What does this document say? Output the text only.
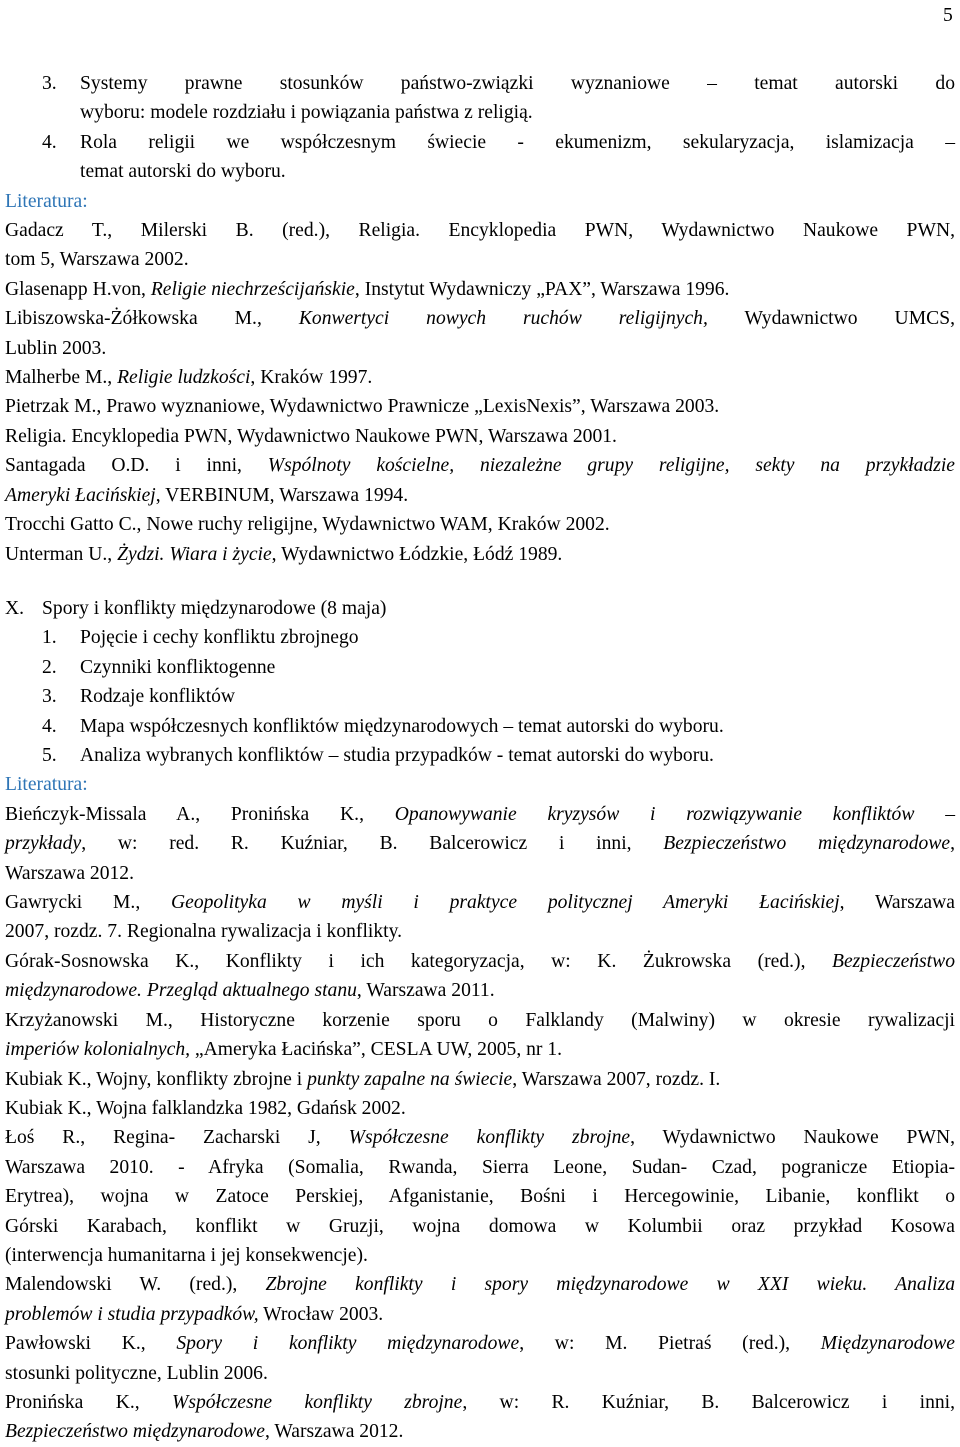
5
3.	Systemy prawne stosunków państwo-związki wyznaniowe – temat autorski do
wyboru: modele rozdziału i powiązania państwa z religią.
4.	Rola religii we współczesnym świecie - ekumenizm, sekularyzacja, islamizacja –
temat autorski do wyboru.
Literatura:
Gadacz T., Milerski B. (red.), Religia. Encyklopedia PWN, Wydawnictwo Naukowe PWN,
tom 5, Warszawa 2002.
Glasenapp H.von, Religie niechrześcijańskie, Instytut Wydawniczy „PAX”, Warszawa 1996.
Libiszowska-Żółkowska M., Konwertyci nowych ruchów religijnych, Wydawnictwo UMCS,
Lublin 2003.
Malherbe M., Religie ludzkości, Kraków 1997.
Pietrzak M., Prawo wyznaniowe, Wydawnictwo Prawnicze „LexisNexis”, Warszawa 2003.
Religia. Encyklopedia PWN, Wydawnictwo Naukowe PWN, Warszawa 2001.
Santagada O.D. i inni, Wspólnoty kościelne, niezależne grupy religijne, sekty na przykładzie
Ameryki Łacińskiej, VERBINUM, Warszawa 1994.
Trocchi Gatto C., Nowe ruchy religijne, Wydawnictwo WAM, Kraków 2002.
Unterman U., Żydzi. Wiara i życie, Wydawnictwo Łódzkie, Łódź 1989.
X. Spory i konflikty międzynarodowe (8 maja)
1.	Pojęcie i cechy konfliktu zbrojnego
2.	Czynniki konfliktogenne
3.	Rodzaje konfliktów
4.	Mapa współczesnych konfliktów międzynarodowych – temat autorski do wyboru.
5.	Analiza wybranych konfliktów – studia przypadków - temat autorski do wyboru.
Literatura:
Bieńczyk-Missala A., Pronińska K., Opanowywanie kryzysów i rozwiązywanie konfliktów –
przykłady, w: red. R. Kuźniar, B. Balcerowicz i inni, Bezpieczeństwo międzynarodowe,
Warszawa 2012.
Gawrycki M., Geopolityka w myśli i praktyce politycznej Ameryki Łacińskiej, Warszawa
2007, rozdz. 7. Regionalna rywalizacja i konflikty.
Górak-Sosnowska K., Konflikty i ich kategoryzacja, w: K. Żukrowska (red.), Bezpieczeństwo
międzynarodowe. Przegląd aktualnego stanu, Warszawa 2011.
Krzyżanowski M., Historyczne korzenie sporu o Falklandy (Malwiny) w okresie rywalizacji
imperiów kolonialnych, „Ameryka Łacińska”, CESLA UW, 2005, nr 1.
Kubiak K., Wojny, konflikty zbrojne i punkty zapalne na świecie, Warszawa 2007, rozdz. I.
Kubiak K., Wojna falklandzka 1982, Gdańsk 2002.
Łoś R., Regina- Zacharski J, Współczesne konflikty zbrojne, Wydawnictwo Naukowe PWN,
Warszawa 2010. - Afryka (Somalia, Rwanda, Sierra Leone, Sudan- Czad, pogranicze Etiopia-
Erytrea), wojna w Zatoce Perskiej, Afganistanie, Bośni i Hercegowinie, Libanie, konflikt o
Górski Karabach, konflikt w Gruzji, wojna domowa w Kolumbii oraz przykład Kosowa
(interwencja humanitarna i jej konsekwencje).
Malendowski W. (red.), Zbrojne konflikty i spory międzynarodowe w XXI wieku. Analiza
problemów i studia przypadków, Wrocław 2003.
Pawłowski K., Spory i konflikty międzynarodowe, w: M. Pietraś (red.), Międzynarodowe
stosunki polityczne, Lublin 2006.
Pronińska K., Współczesne konflikty zbrojne, w: R. Kuźniar, B. Balcerowicz i inni,
Bezpieczeństwo międzynarodowe, Warszawa 2012.
